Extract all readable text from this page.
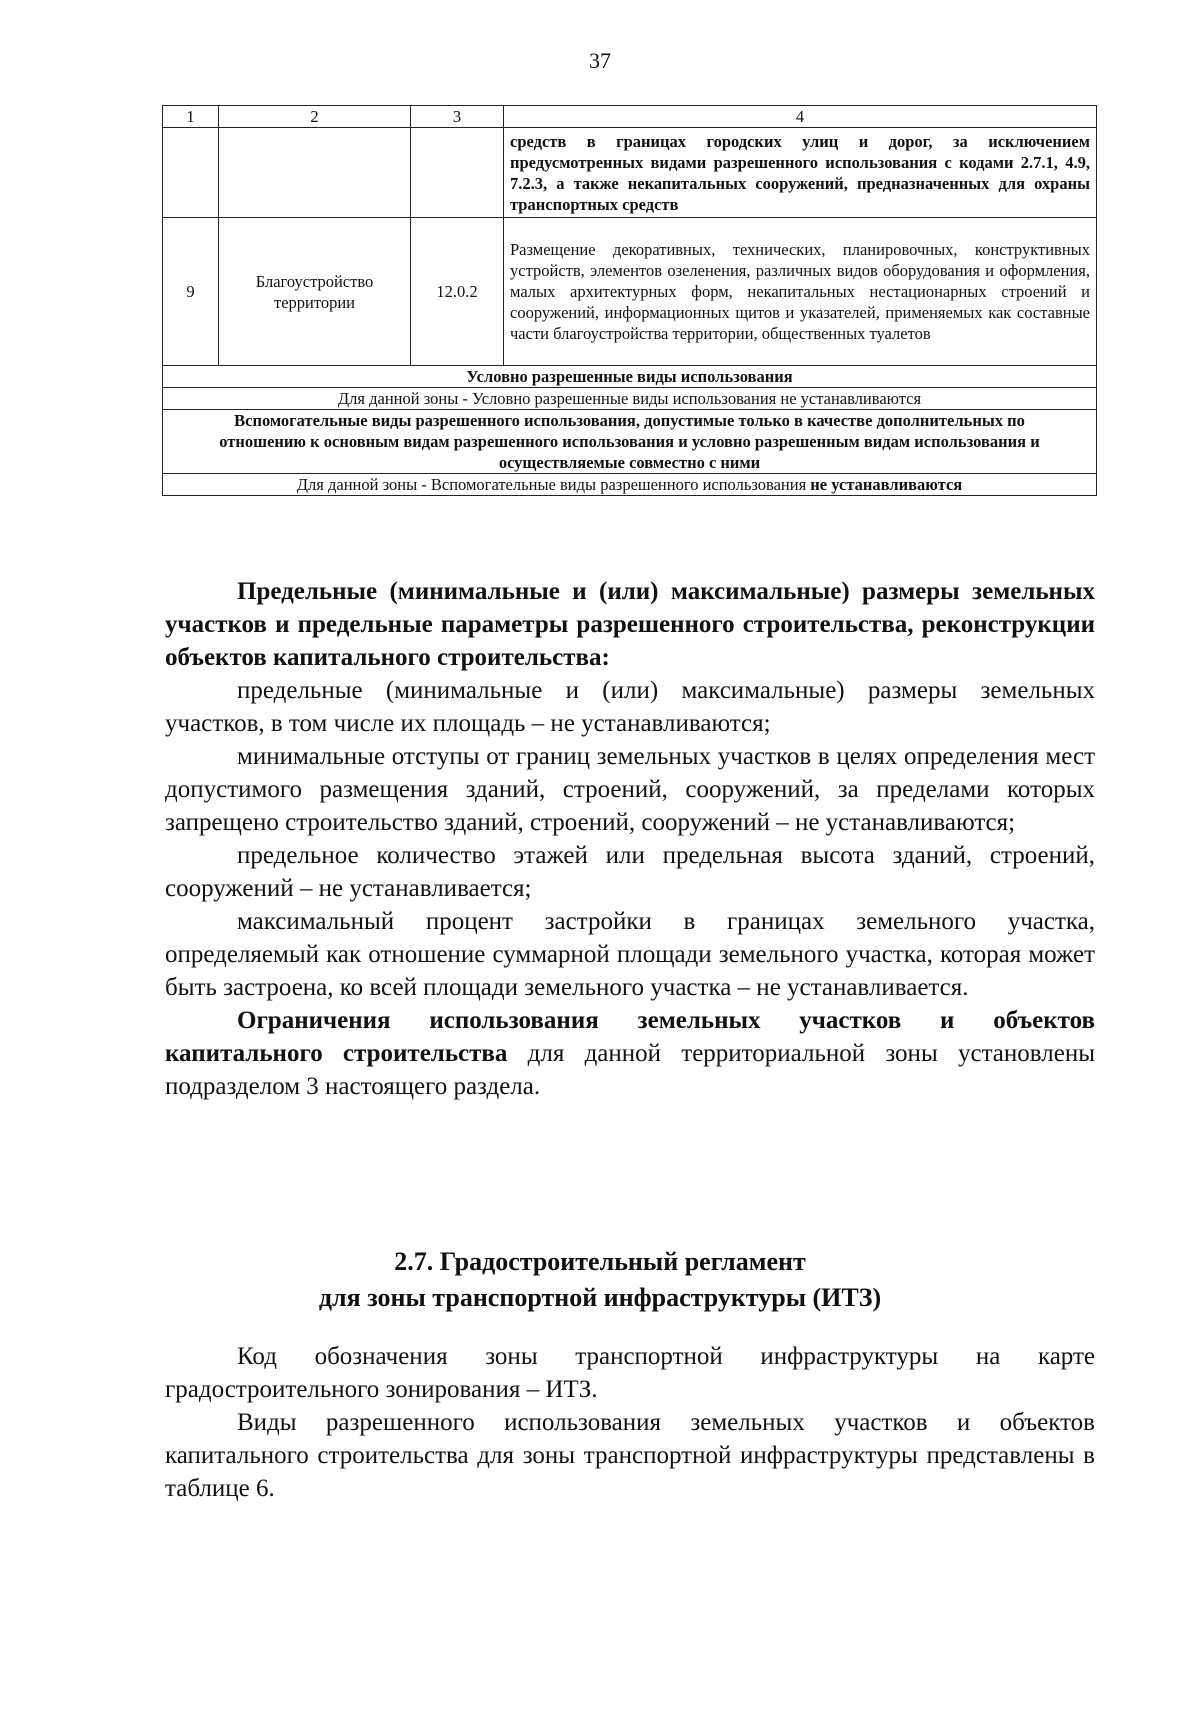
37
1	2	3	4
			средств в границах городских улиц и дорог, за исключением предусмотренных видами разрешенного использования с кодами 2.7.1, 4.9, 7.2.3, а также некапитальных сооружений, предназначенных для охраны транспортных средств
9	Благоустройство территории	12.0.2	Размещение декоративных, технических, планировочных, конструктивных устройств, элементов озеленения, различных видов оборудования и оформления, малых архитектурных форм, некапитальных нестационарных строений и сооружений, информационных щитов и указателей, применяемых как составные части благоустройства территории, общественных туалетов
Условно разрешенные виды использования			
Для данной зоны - Условно разрешенные виды использования не устанавливаются			
Вспомогательные виды разрешенного использования, допустимые только в качестве дополнительных по отношению к основным видам разрешенного использования и условно разрешенным видам использования и осуществляемые совместно с ними			
Для данной зоны - Вспомогательные виды разрешенного использования не устанавливаются			

Предельные (минимальные и (или) максимальные) размеры земельных участков и предельные параметры разрешенного строительства, реконструкции объектов капитального строительства:

предельные (минимальные и (или) максимальные) размеры земельных участков, в том числе их площадь – не устанавливаются;

минимальные отступы от границ земельных участков в целях определения мест допустимого размещения зданий, строений, сооружений, за пределами которых запрещено строительство зданий, строений, сооружений – не устанавливаются;

предельное количество этажей или предельная высота зданий, строений, сооружений – не устанавливается;

максимальный процент застройки в границах земельного участка, определяемый как отношение суммарной площади земельного участка, которая может быть застроена, ко всей площади земельного участка – не устанавливается.

Ограничения использования земельных участков и объектов капитального строительства для данной территориальной зоны установлены подразделом 3 настоящего раздела.

2.7. Градостроительный регламент
для зоны транспортной инфраструктуры (ИТЗ)

Код обозначения зоны транспортной инфраструктуры на карте градостроительного зонирования – ИТЗ.

Виды разрешенного использования земельных участков и объектов капитального строительства для зоны транспортной инфраструктуры представлены в таблице 6.
